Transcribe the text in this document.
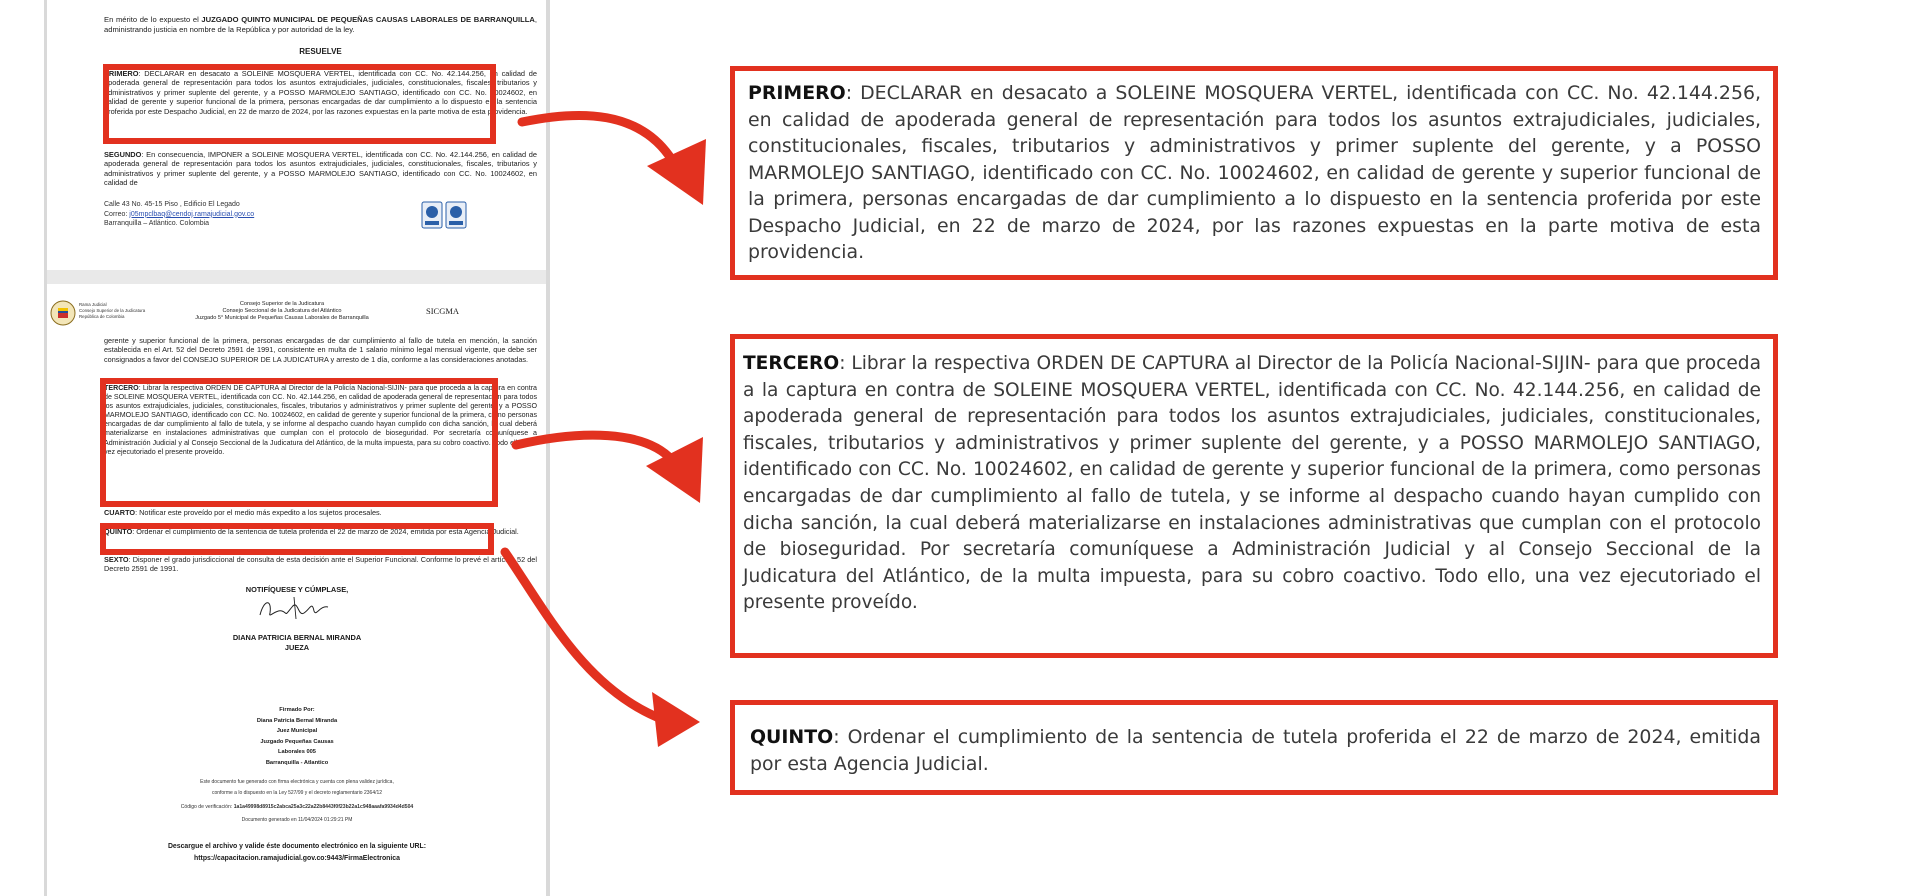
En mérito de lo expuesto el JUZGADO QUINTO MUNICIPAL DE PEQUEÑAS CAUSAS LABORALES DE BARRANQUILLA, administrando justicia en nombre de la República y por autoridad de la ley.
RESUELVE
PRIMERO: DECLARAR en desacato a SOLEINE MOSQUERA VERTEL, identificada con CC. No. 42.144.256, en calidad de apoderada general de representación para todos los asuntos extrajudiciales, judiciales, constitucionales, fiscales, tributarios y administrativos y primer suplente del gerente, y a POSSO MARMOLEJO SANTIAGO, identificado con CC. No. 10024602, en calidad de gerente y superior funcional de la primera, personas encargadas de dar cumplimiento a lo dispuesto en la sentencia proferida por este Despacho Judicial, en 22 de marzo de 2024, por las razones expuestas en la parte motiva de esta providencia.
SEGUNDO: En consecuencia, IMPONER a SOLEINE MOSQUERA VERTEL, identificada con CC. No. 42.144.256, en calidad de apoderada general de representación para todos los asuntos extrajudiciales, judiciales, constitucionales, fiscales, tributarios y administrativos y primer suplente del gerente, y a POSSO MARMOLEJO SANTIAGO, identificado con CC. No. 10024602, en calidad de
Calle 43 No. 45-15 Piso , Edificio El Legado
Correo: j05mpclbaq@cendoj.ramajudicial.gov.co
Barranquilla – Atlántico. Colombia
Rama Judicial
Consejo Superior de la Judicatura
República de Colombia
Consejo Superior de la Judicatura
Consejo Seccional de la Judicatura del Atlántico
Juzgado 5° Municipal de Pequeñas Causas Laborales de Barranquilla
SICGMA
gerente y superior funcional de la primera, personas encargadas de dar cumplimiento al fallo de tutela en mención, la sanción establecida en el Art. 52 del Decreto 2591 de 1991, consistente en multa de 1 salario mínimo legal mensual vigente, que debe ser consignados a favor del CONSEJO SUPERIOR DE LA JUDICATURA y arresto de 1 día, conforme a las consideraciones anotadas.
TERCERO: Librar la respectiva ORDEN DE CAPTURA al Director de la Policía Nacional-SIJIN- para que proceda a la captura en contra de SOLEINE MOSQUERA VERTEL, identificada con CC. No. 42.144.256, en calidad de apoderada general de representación para todos los asuntos extrajudiciales, judiciales, constitucionales, fiscales, tributarios y administrativos y primer suplente del gerente, y a POSSO MARMOLEJO SANTIAGO, identificado con CC. No. 10024602, en calidad de gerente y superior funcional de la primera, como personas encargadas de dar cumplimiento al fallo de tutela, y se informe al despacho cuando hayan cumplido con dicha sanción, la cual deberá materializarse en instalaciones administrativas que cumplan con el protocolo de bioseguridad. Por secretaría comuníquese a Administración Judicial y al Consejo Seccional de la Judicatura del Atlántico, de la multa impuesta, para su cobro coactivo. Todo ello, una vez ejecutoriado el presente proveído.
CUARTO: Notificar este proveído por el medio más expedito a los sujetos procesales.
QUINTO: Ordenar el cumplimiento de la sentencia de tutela proferida el 22 de marzo de 2024, emitida por esta Agencia Judicial.
SEXTO: Disponer el grado jurisdiccional de consulta de esta decisión ante el Superior Funcional. Conforme lo prevé el artículo 52 del Decreto 2591 de 1991.
NOTIFÍQUESE Y CÚMPLASE,
DIANA PATRICIA BERNAL MIRANDA
JUEZA
Firmado Por:
Diana Patricia Bernal Miranda
Juez Municipal
Juzgado Pequeñas Causas
Laborales 005
Barranquilla - Atlantico
Este documento fue generado con firma electrónica y cuenta con plena validez jurídica,
conforme a lo dispuesto en la Ley 527/99 y el decreto reglamentario 2364/12
Código de verificación: 1a1a49998d8915c2abca25a3c22a22b8443f0f23b22a1c948aaafa9934d4d504
Documento generado en 11/04/2024 01:29:21 PM
Descargue el archivo y valide éste documento electrónico en la siguiente URL:
https://capacitacion.ramajudicial.gov.co:9443/FirmaElectronica
PRIMERO: DECLARAR en desacato a SOLEINE MOSQUERA VERTEL, identificada con CC. No. 42.144.256, en calidad de apoderada general de representación para todos los asuntos extrajudiciales, judiciales, constitucionales, fiscales, tributarios y administrativos y primer suplente del gerente, y a POSSO MARMOLEJO SANTIAGO, identificado con CC. No. 10024602, en calidad de gerente y superior funcional de la primera, personas encargadas de dar cumplimiento a lo dispuesto en la sentencia proferida por este Despacho Judicial, en 22 de marzo de 2024, por las razones expuestas en la parte motiva de esta providencia.
TERCERO: Librar la respectiva ORDEN DE CAPTURA al Director de la Policía Nacional-SIJIN- para que proceda a la captura en contra de SOLEINE MOSQUERA VERTEL, identificada con CC. No. 42.144.256, en calidad de apoderada general de representación para todos los asuntos extrajudiciales, judiciales, constitucionales, fiscales, tributarios y administrativos y primer suplente del gerente, y a POSSO MARMOLEJO SANTIAGO, identificado con CC. No. 10024602, en calidad de gerente y superior funcional de la primera, como personas encargadas de dar cumplimiento al fallo de tutela, y se informe al despacho cuando hayan cumplido con dicha sanción, la cual deberá materializarse en instalaciones administrativas que cumplan con el protocolo de bioseguridad. Por secretaría comuníquese a Administración Judicial y al Consejo Seccional de la Judicatura del Atlántico, de la multa impuesta, para su cobro coactivo. Todo ello, una vez ejecutoriado el presente proveído.
QUINTO: Ordenar el cumplimiento de la sentencia de tutela proferida el 22 de marzo de 2024, emitida por esta Agencia Judicial.
